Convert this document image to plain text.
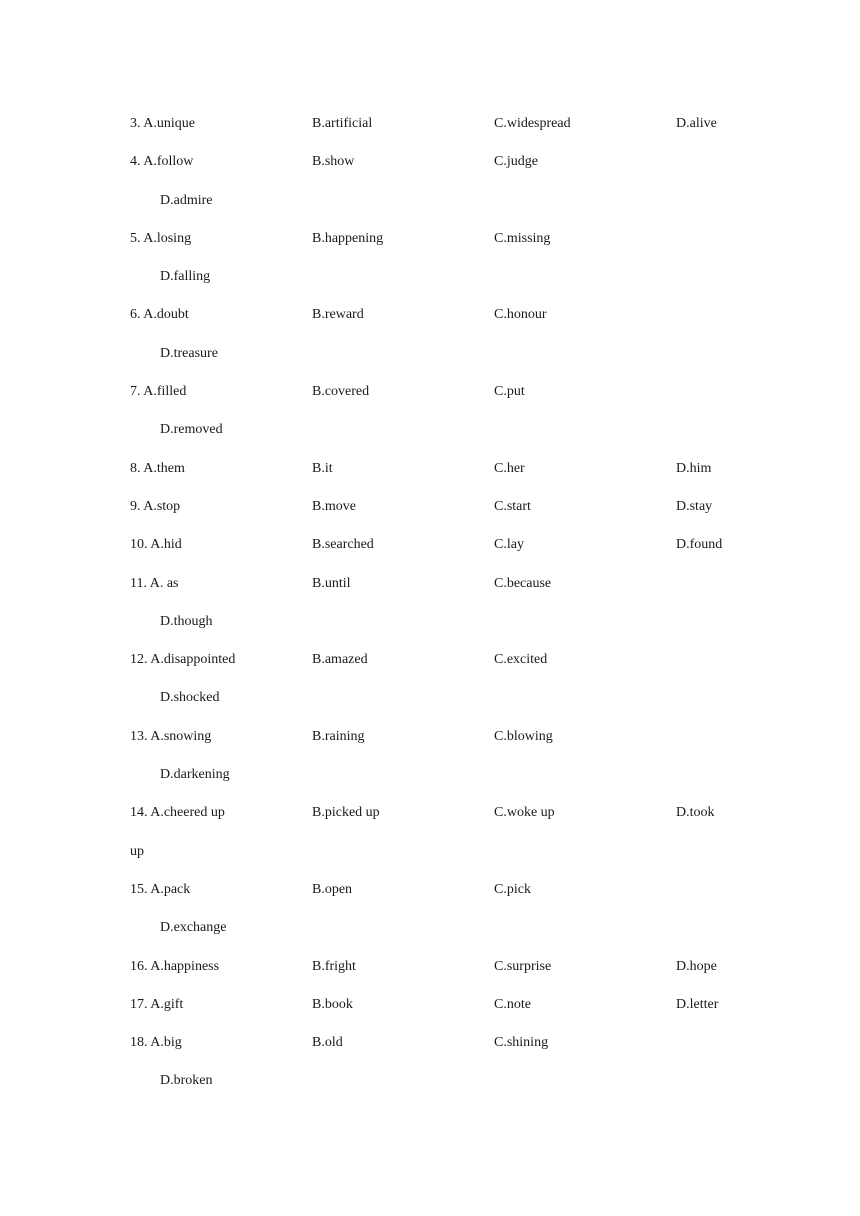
3. A.unique	B.artificial	C.widespread	D.alive
4. A.follow	B.show	C.judge
D.admire
5. A.losing	B.happening	C.missing
D.falling
6. A.doubt	B.reward	C.honour
D.treasure
7. A.filled	B.covered	C.put
D.removed
8. A.them	B.it	C.her	D.him
9. A.stop	B.move	C.start	D.stay
10. A.hid	B.searched	C.lay	D.found
11. A. as	B.until	C.because
D.though
12. A.disappointed	B.amazed	C.excited
D.shocked
13. A.snowing	B.raining	C.blowing
D.darkening
14. A.cheered up	B.picked up	C.woke up	D.took
up
15. A.pack	B.open	C.pick
D.exchange
16. A.happiness	B.fright	C.surprise	D.hope
17. A.gift	B.book	C.note	D.letter
18. A.big	B.old	C.shining
D.broken
